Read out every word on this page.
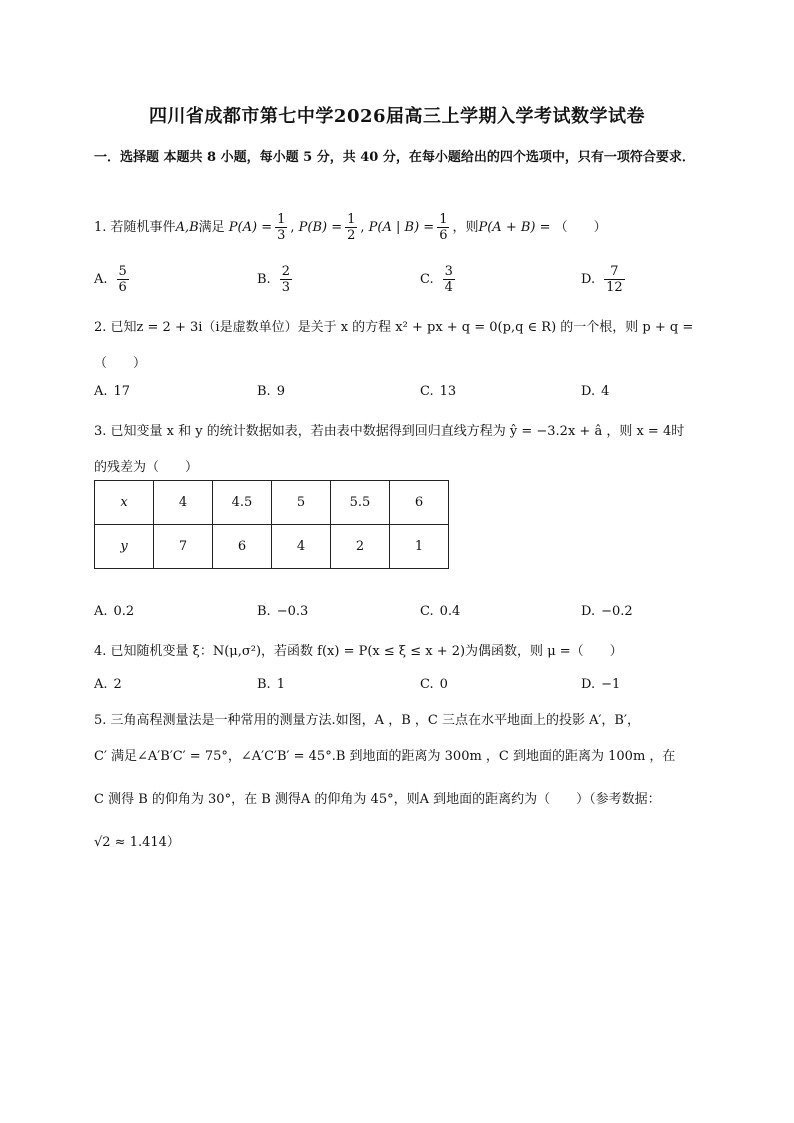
四川省成都市第七中学2026届高三上学期入学考试数学试卷
一．选择题 本题共 8 小题，每小题 5 分，共 40 分，在每小题给出的四个选项中，只有一项符合要求．
1. 若随机事件A,B满足 $P(A) = \frac{1}{3}$ , $P(B) = \frac{1}{2}$ , P(A | $B) = \frac{1}{6}$ ，则P(A + B) = （　　）
A. $\frac{5}{6}$	B. $\frac{2}{3}$	C. $\frac{3}{4}$	D. $\frac{7}{12}$
2. 已知z = 2 + 3i（i是虚数单位）是关于 x 的方程 x² + px + q = 0(p,q ∈ R) 的一个根，则 p + q =
（　　）
A. 17	B. 9	C. 13	D. 4
3. 已知变量 x 和 y 的统计数据如表，若由表中数据得到回归直线方程为 ŷ = −3.2x + â ，则 x = 4时
的残差为（　　）
x	4	4.5	5	5.5	6
y	7	6	4	2	1
A. 0.2	B. −0.3	C. 0.4	D. −0.2
4. 已知随机变量 ξ：N(μ,σ²)，若函数 f(x) = P(x ≤ ξ ≤ x + 2)为偶函数，则 μ =（　　）
A. 2	B. 1	C. 0	D. −1
5. 三角高程测量法是一种常用的测量方法.如图，A ，B ，C 三点在水平地面上的投影 A′，B′，
C′ 满足∠A′B′C′ = 75°，∠A′C′B′ = 45°.B 到地面的距离为 300m ，C 到地面的距离为 100m ，在
C 测得 B 的仰角为 30°，在 B 测得A 的仰角为 45°，则A 到地面的距离约为（　　）（参考数据：
√2 ≈ 1.414）
